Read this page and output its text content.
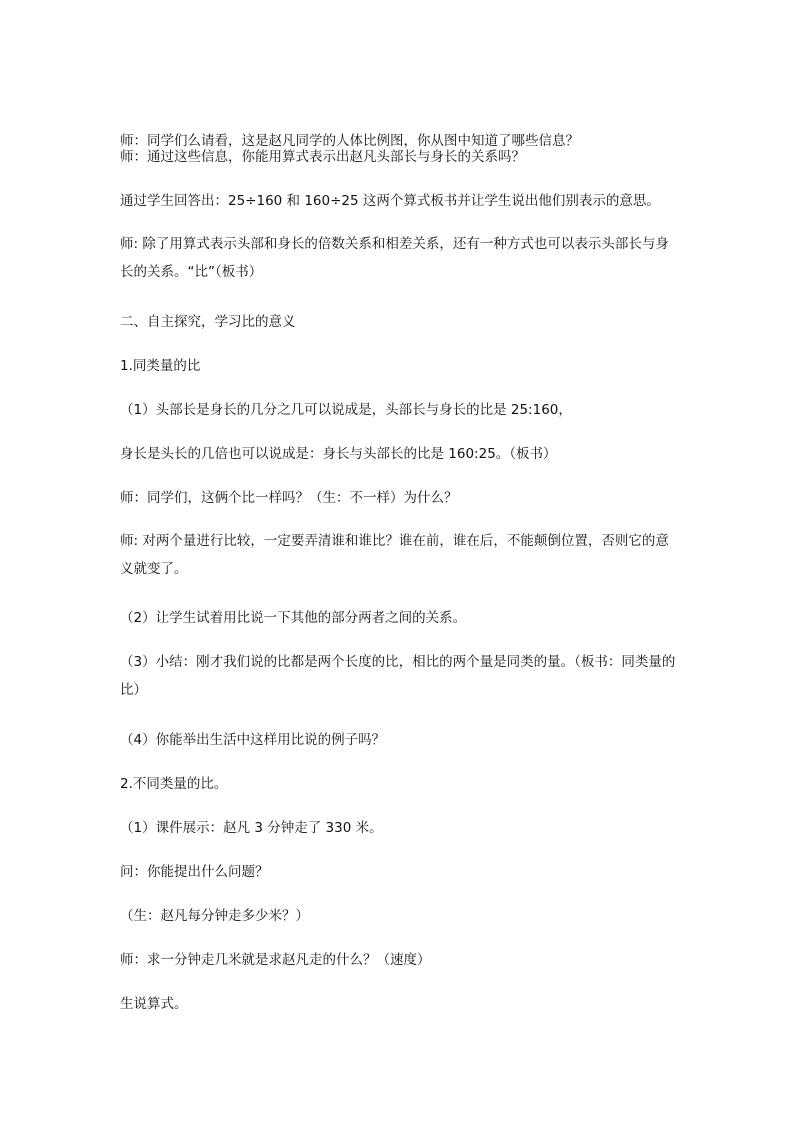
师：同学们么请看，这是赵凡同学的人体比例图，你从图中知道了哪些信息？
师：通过这些信息，你能用算式表示出赵凡头部长与身长的关系吗？
通过学生回答出：25÷160 和 160÷25 这两个算式板书并让学生说出他们别表示的意思。
师: 除了用算式表示头部和身长的倍数关系和相差关系，还有一种方式也可以表示头部长与身长的关系。“比”（板书）
二、自主探究，学习比的意义
1.同类量的比
（1）头部长是身长的几分之几可以说成是，头部长与身长的比是 25:160，
身长是头长的几倍也可以说成是：身长与头部长的比是 160:25。（板书）
师：同学们，这俩个比一样吗？（生：不一样）为什么？
师: 对两个量进行比较，一定要弄清谁和谁比？谁在前，谁在后，不能颠倒位置，否则它的意义就变了。
（2）让学生试着用比说一下其他的部分两者之间的关系。
（3）小结：刚才我们说的比都是两个长度的比，相比的两个量是同类的量。（板书：同类量的比）
（4）你能举出生活中这样用比说的例子吗？
2.不同类量的比。
（1）课件展示：赵凡 3 分钟走了 330 米。
问：你能提出什么问题？
（生：赵凡每分钟走多少米？）
师：求一分钟走几米就是求赵凡走的什么？（速度）
生说算式。
